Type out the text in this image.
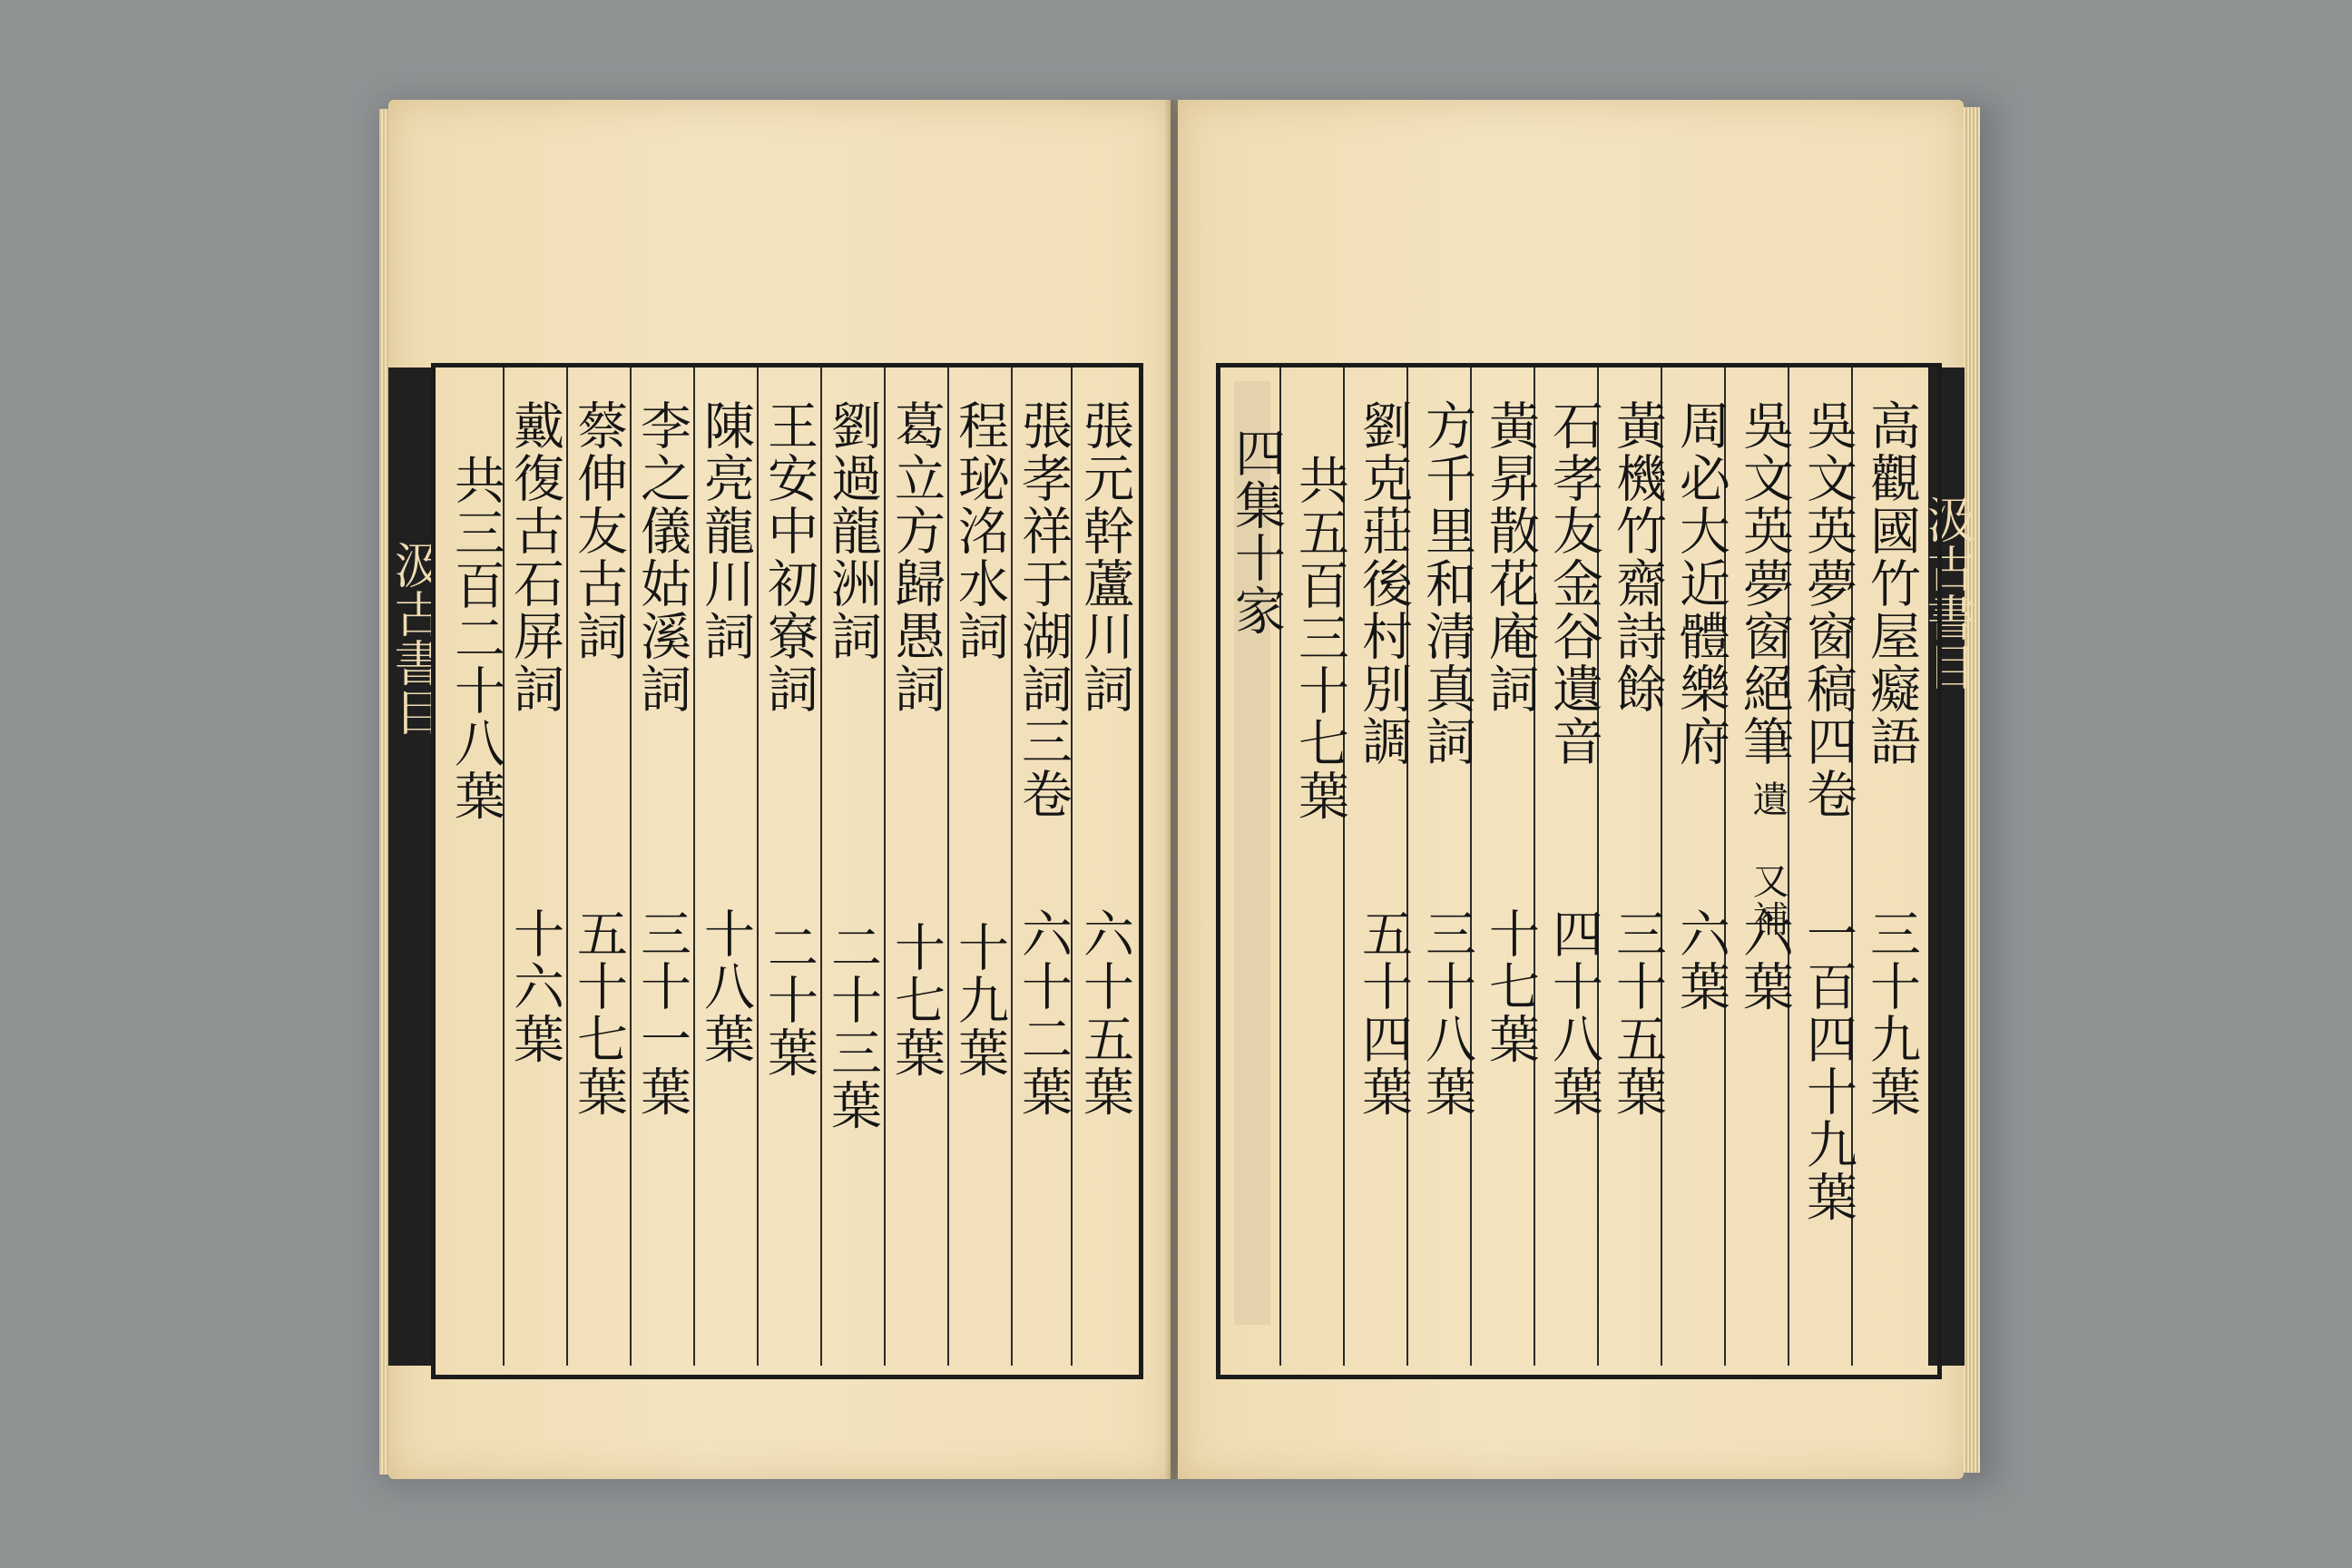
汲古書目	張元幹蘆川詞
六十五葉
張孝祥于湖詞三卷
六十二葉
程珌洺水詞
十九葉
葛立方歸愚詞
十七葉
劉過龍洲詞
二十三葉
王安中初寮詞
二十葉
陳亮龍川詞
十八葉
李之儀姑溪詞
三十一葉
蔡伸友古詞
五十七葉
戴復古石屏詞
十六葉
共三百二十八葉	汲古書目
高觀國竹屋癡語
三十九葉
吳文英夢窗稿四卷
一百四十九葉
吳文英夢窗絕筆
遺 又補
六葉
周必大近體樂府
六葉
黃機竹齋詩餘
三十五葉
石孝友金谷遺音
四十八葉
黃昇散花庵詞
十七葉
方千里和清真詞
三十八葉
劉克莊後村別調
五十四葉
共五百三十七葉
四集十家
